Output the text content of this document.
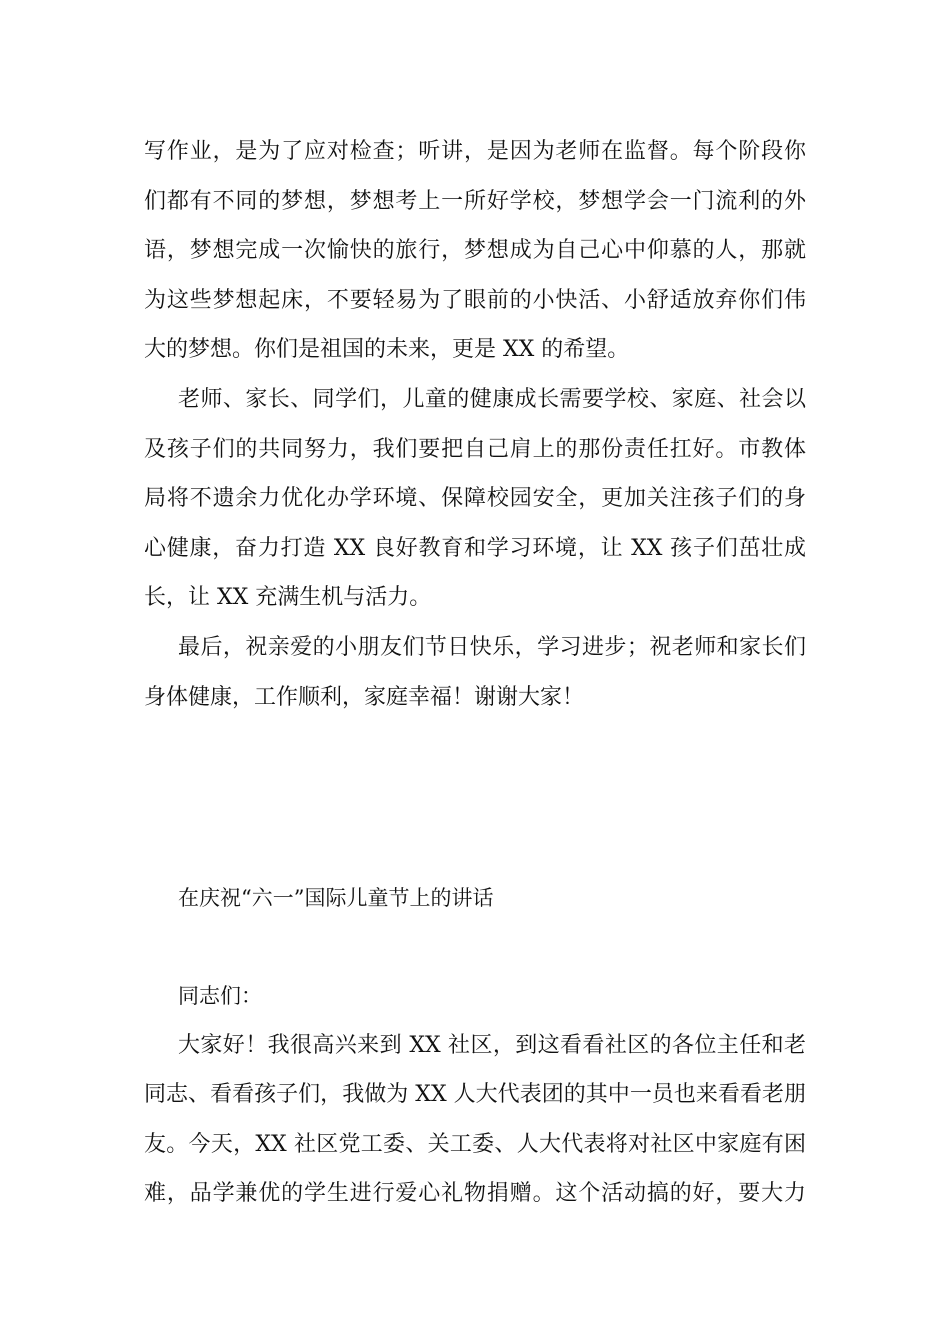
写作业，是为了应对检查；听讲，是因为老师在监督。每个阶段你
们都有不同的梦想，梦想考上一所好学校，梦想学会一门流利的外
语，梦想完成一次愉快的旅行，梦想成为自己心中仰慕的人，那就
为这些梦想起床，不要轻易为了眼前的小快活、小舒适放弃你们伟
大的梦想。你们是祖国的未来，更是 XX 的希望。
老师、家长、同学们，儿童的健康成长需要学校、家庭、社会以
及孩子们的共同努力，我们要把自己肩上的那份责任扛好。市教体
局将不遗余力优化办学环境、保障校园安全，更加关注孩子们的身
心健康，奋力打造 XX 良好教育和学习环境，让 XX 孩子们茁壮成
长，让 XX 充满生机与活力。
最后，祝亲爱的小朋友们节日快乐，学习进步；祝老师和家长们
身体健康，工作顺利，家庭幸福！谢谢大家！
在庆祝“六一”国际儿童节上的讲话
同志们：
大家好！我很高兴来到 XX 社区，到这看看社区的各位主任和老
同志、看看孩子们，我做为 XX 人大代表团的其中一员也来看看老朋
友。今天，XX 社区党工委、关工委、人大代表将对社区中家庭有困
难，品学兼优的学生进行爱心礼物捐赠。这个活动搞的好，要大力
